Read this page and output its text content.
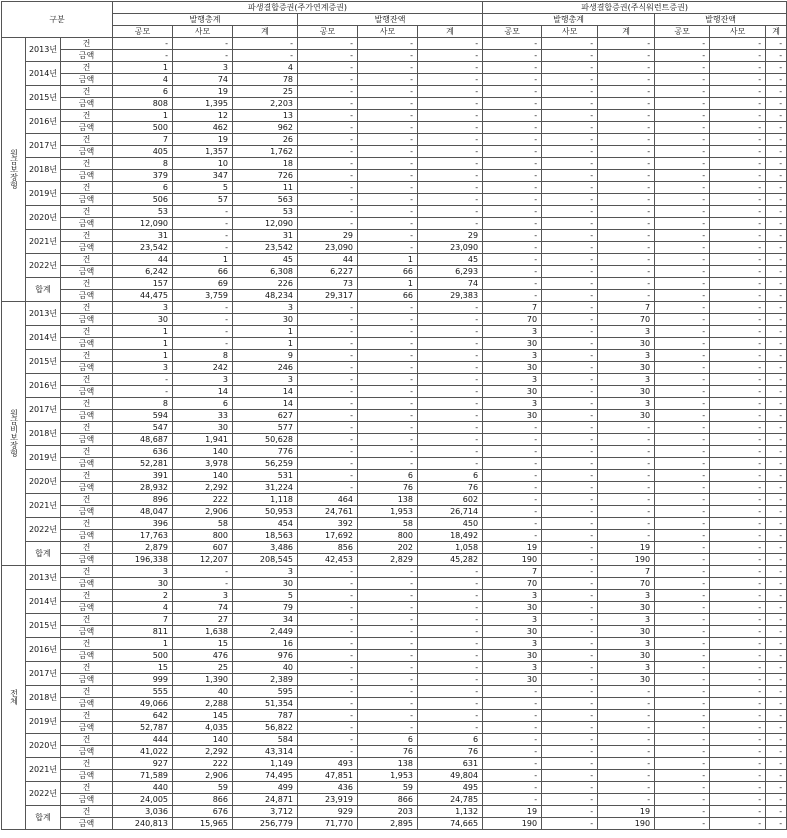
구분			파생결합증권(주가연계증권)						파생결합증권(주식워런트증권)					
			발행총계			발행잔액			발행총계			발행잔액		
			공모	사모	계	공모	사모	계	공모	사모	계	공모	사모	계
원금보장형	2013년	건	-	-	-	-	-	-	-	-	-	-	-	-
		금액	-	-	-	-	-	-	-	-	-	-	-	-
	2014년	건	1	3	4	-	-	-	-	-	-	-	-	-
		금액	4	74	78	-	-	-	-	-	-	-	-	-
	2015년	건	6	19	25	-	-	-	-	-	-	-	-	-
		금액	808	1,395	2,203	-	-	-	-	-	-	-	-	-
	2016년	건	1	12	13	-	-	-	-	-	-	-	-	-
		금액	500	462	962	-	-	-	-	-	-	-	-	-
	2017년	건	7	19	26	-	-	-	-	-	-	-	-	-
		금액	405	1,357	1,762	-	-	-	-	-	-	-	-	-
	2018년	건	8	10	18	-	-	-	-	-	-	-	-	-
		금액	379	347	726	-	-	-	-	-	-	-	-	-
	2019년	건	6	5	11	-	-	-	-	-	-	-	-	-
		금액	506	57	563	-	-	-	-	-	-	-	-	-
	2020년	건	53	-	53	-	-	-	-	-	-	-	-	-
		금액	12,090	-	12,090	-	-	-	-	-	-	-	-	-
	2021년	건	31	-	31	29	-	29	-	-	-	-	-	-
		금액	23,542	-	23,542	23,090	-	23,090	-	-	-	-	-	-
	2022년	건	44	1	45	44	1	45	-	-	-	-	-	-
		금액	6,242	66	6,308	6,227	66	6,293	-	-	-	-	-	-
	합계	건	157	69	226	73	1	74	-	-	-	-	-	-
		금액	44,475	3,759	48,234	29,317	66	29,383	-	-	-	-	-	-
원금비보장형	2013년	건	3	-	3	-	-	-	7	-	7	-	-	-
		금액	30	-	30	-	-	-	70	-	70	-	-	-
	2014년	건	1	-	1	-	-	-	3	-	3	-	-	-
		금액	1	-	1	-	-	-	30	-	30	-	-	-
	2015년	건	1	8	9	-	-	-	3	-	3	-	-	-
		금액	3	242	246	-	-	-	30	-	30	-	-	-
	2016년	건	-	3	3	-	-	-	3	-	3	-	-	-
		금액	-	14	14	-	-	-	30	-	30	-	-	-
	2017년	건	8	6	14	-	-	-	3	-	3	-	-	-
		금액	594	33	627	-	-	-	30	-	30	-	-	-
	2018년	건	547	30	577	-	-	-	-	-	-	-	-	-
		금액	48,687	1,941	50,628	-	-	-	-	-	-	-	-	-
	2019년	건	636	140	776	-	-	-	-	-	-	-	-	-
		금액	52,281	3,978	56,259	-	-	-	-	-	-	-	-	-
	2020년	건	391	140	531	-	6	6	-	-	-	-	-	-
		금액	28,932	2,292	31,224	-	76	76	-	-	-	-	-	-
	2021년	건	896	222	1,118	464	138	602	-	-	-	-	-	-
		금액	48,047	2,906	50,953	24,761	1,953	26,714	-	-	-	-	-	-
	2022년	건	396	58	454	392	58	450	-	-	-	-	-	-
		금액	17,763	800	18,563	17,692	800	18,492	-	-	-	-	-	-
	합계	건	2,879	607	3,486	856	202	1,058	19	-	19	-	-	-
		금액	196,338	12,207	208,545	42,453	2,829	45,282	190	-	190	-	-	-
전체	2013년	건	3	-	3	-	-	-	7	-	7	-	-	-
		금액	30	-	30	-	-	-	70	-	70	-	-	-
	2014년	건	2	3	5	-	-	-	3	-	3	-	-	-
		금액	4	74	79	-	-	-	30	-	30	-	-	-
	2015년	건	7	27	34	-	-	-	3	-	3	-	-	-
		금액	811	1,638	2,449	-	-	-	30	-	30	-	-	-
	2016년	건	1	15	16	-	-	-	3	-	3	-	-	-
		금액	500	476	976	-	-	-	30	-	30	-	-	-
	2017년	건	15	25	40	-	-	-	3	-	3	-	-	-
		금액	999	1,390	2,389	-	-	-	30	-	30	-	-	-
	2018년	건	555	40	595	-	-	-	-	-	-	-	-	-
		금액	49,066	2,288	51,354	-	-	-	-	-	-	-	-	-
	2019년	건	642	145	787	-	-	-	-	-	-	-	-	-
		금액	52,787	4,035	56,822	-	-	-	-	-	-	-	-	-
	2020년	건	444	140	584	-	6	6	-	-	-	-	-	-
		금액	41,022	2,292	43,314	-	76	76	-	-	-	-	-	-
	2021년	건	927	222	1,149	493	138	631	-	-	-	-	-	-
		금액	71,589	2,906	74,495	47,851	1,953	49,804	-	-	-	-	-	-
	2022년	건	440	59	499	436	59	495	-	-	-	-	-	-
		금액	24,005	866	24,871	23,919	866	24,785	-	-	-	-	-	-
	합계	건	3,036	676	3,712	929	203	1,132	19	-	19	-	-	-
		금액	240,813	15,965	256,779	71,770	2,895	74,665	190	-	190	-	-	-
